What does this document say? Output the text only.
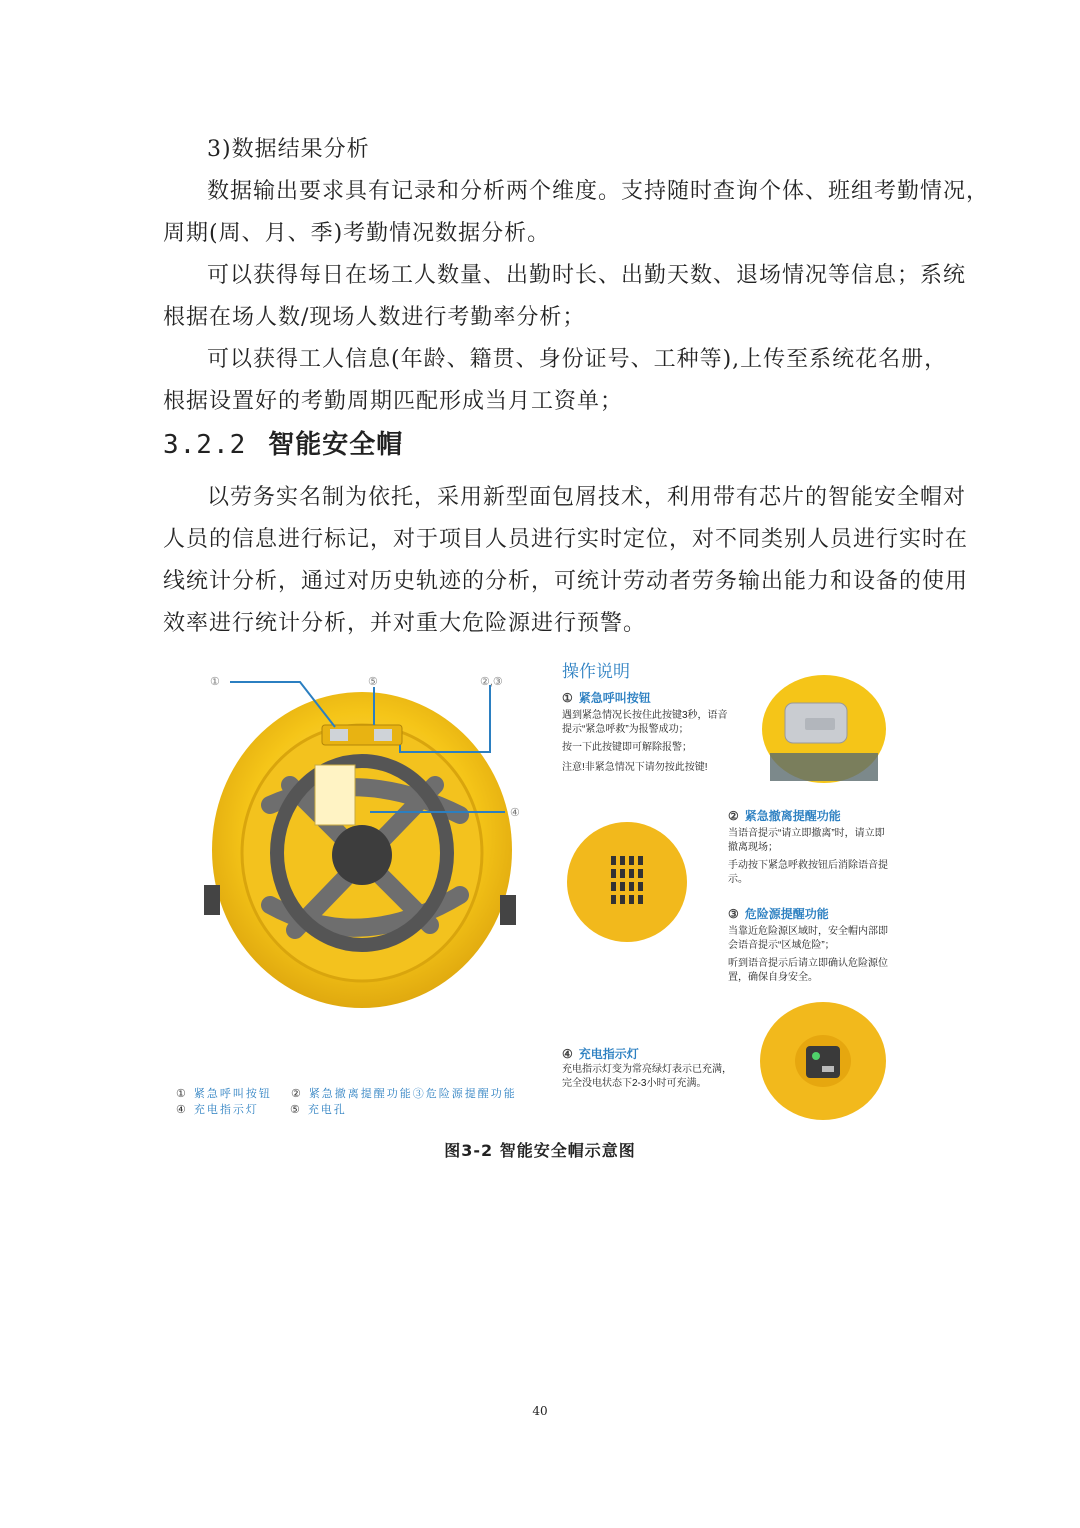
3)数据结果分析
数据输出要求具有记录和分析两个维度。支持随时查询个体、班组考勤情况，
周期(周、月、季)考勤情况数据分析。
可以获得每日在场工人数量、出勤时长、出勤天数、退场情况等信息；系统
根据在场人数/现场人数进行考勤率分析；
可以获得工人信息(年龄、籍贯、身份证号、工种等),上传至系统花名册，
根据设置好的考勤周期匹配形成当月工资单；
3.2.2 智能安全帽
以劳务实名制为依托，采用新型面包屑技术，利用带有芯片的智能安全帽对
人员的信息进行标记，对于项目人员进行实时定位，对不同类别人员进行实时在
线统计分析，通过对历史轨迹的分析，可统计劳动者劳务输出能力和设备的使用
效率进行统计分析，并对重大危险源进行预警。
①	⑤	②,③
④
操作说明
① 紧急呼叫按钮
遇到紧急情况长按住此按键3秒，语音
提示“紧急呼救”为报警成功；
按一下此按键即可解除报警；
注意!非紧急情况下请勿按此按键!
② 紧急撤离提醒功能
当语音提示“请立即撤离”时，请立即
撤离现场；
手动按下紧急呼救按钮后消除语音提
示。
③ 危险源提醒功能
当靠近危险源区域时，安全帽内部即
会语音提示“区域危险”；
听到语音提示后请立即确认危险源位
置，确保自身安全。
④ 充电指示灯
充电指示灯变为常亮绿灯表示已充满，
完全没电状态下2-3小时可充满。
① 紧急呼叫按钮 ② 紧急撤离提醒功能③危险源提醒功能
④ 充电指示灯	⑤ 充电孔
图3-2 智能安全帽示意图
40
